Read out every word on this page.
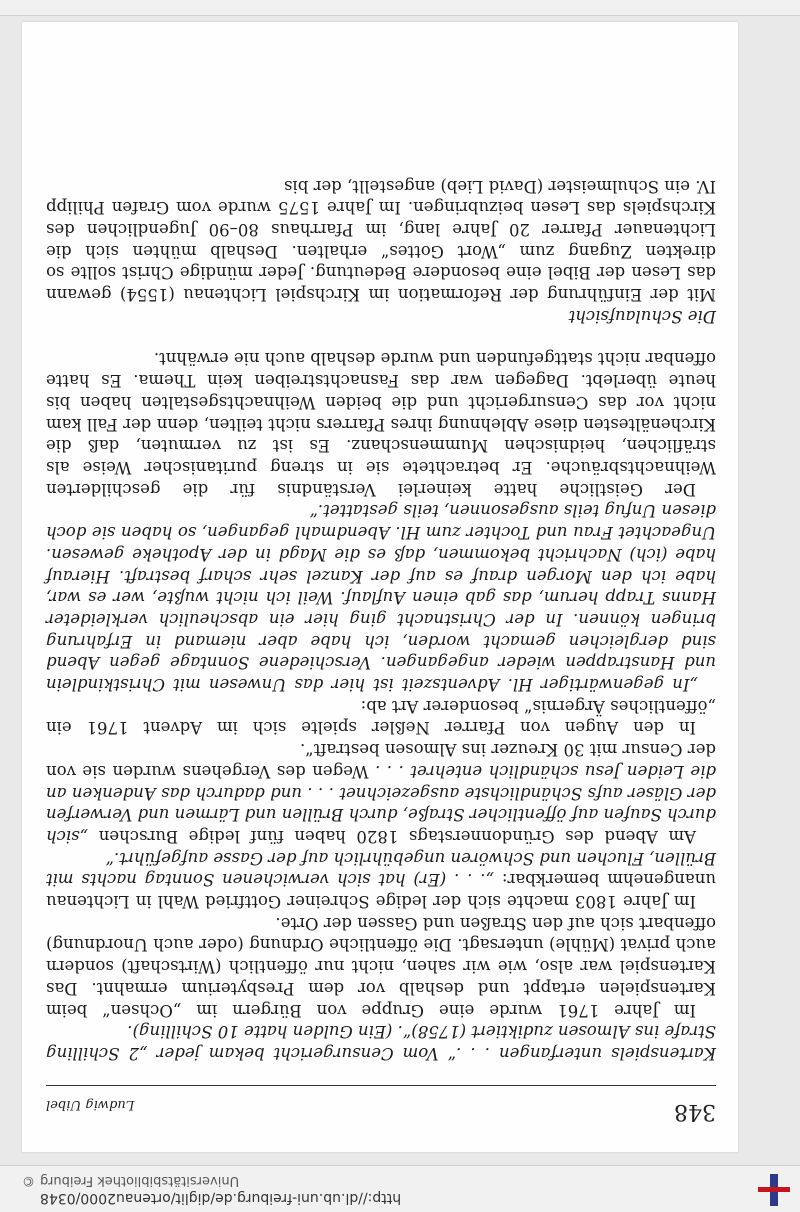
http://dl.ub.uni-freiburg.de/diglit/ortenau2000/0348
Universitätsbibliothek Freiburg
©
348
Ludwig Uibel

Kartenspiels unterfangen . . .“ Vom Censurgericht bekam jeder „2 Schilling Strafe ins Almosen zudiktiert (1758)“. (Ein Gulden hatte 10 Schilling).

Im Jahre 1761 wurde eine Gruppe von Bürgern im „Ochsen“ beim Kartenspielen ertappt und deshalb vor dem Presbyterium ermahnt. Das Kartenspiel war also, wie wir sahen, nicht nur öffentlich (Wirtschaft) sondern auch privat (Mühle) untersagt. Die öffentliche Ordnung (oder auch Unordnung) offenbart sich auf den Straßen und Gassen der Orte.

Im Jahre 1803 machte sich der ledige Schreiner Gottfried Wahl in Lichtenau unangenehm bemerkbar: „. . . (Er) hat sich verwichenen Sonntag nachts mit Brüllen, Fluchen und Schwören ungebührlich auf der Gasse aufgeführt.“

Am Abend des Gründonnerstags 1820 haben fünf ledige Burschen „sich durch Saufen auf öffentlicher Straße, durch Brüllen und Lärmen und Verwerfen der Gläser aufs Schändlichste ausgezeichnet . . . und dadurch das Andenken an die Leiden Jesu schändlich entehret . . . Wegen des Vergehens wurden sie von der Censur mit 30 Kreuzer ins Almosen bestraft“.

In den Augen von Pfarrer Neßler spielte sich im Advent 1761 ein „öffentliches Ärgernis“ besonderer Art ab:

„In gegenwärtiger Hl. Adventszeit ist hier das Unwesen mit Christkindlein und Hanstrappen wieder angegangen. Verschiedene Sonntage gegen Abend sind dergleichen gemacht worden, ich habe aber niemand in Erfahrung bringen können. In der Christnacht ging hier ein abscheulich verkleideter Hanns Trapp herum, das gab einen Auflauf. Weil ich nicht wußte, wer es war, habe ich den Morgen drauf es auf der Kanzel sehr scharf bestraft. Hierauf habe (ich) Nachricht bekommen, daß es die Magd in der Apotheke gewesen. Ungeachtet Frau und Tochter zum Hl. Abendmahl gegangen, so haben sie doch diesen Unfug teils ausgesonnen, teils gestattet.“

Der Geistliche hatte keinerlei Verständnis für die geschilderten Weihnachtsbräuche. Er betrachtete sie in streng puritanischer Weise als sträflichen, heidnischen Mummenschanz. Es ist zu vermuten, daß die Kirchenältesten diese Ablehnung ihres Pfarrers nicht teilten, denn der Fall kam nicht vor das Censurgericht und die beiden Weihnachtsgestalten haben bis heute überlebt. Dagegen war das Fasnachtstreiben kein Thema. Es hatte offenbar nicht stattgefunden und wurde deshalb auch nie erwähnt.

Die Schulaufsicht

Mit der Einführung der Reformation im Kirchspiel Lichtenau (1554) gewann das Lesen der Bibel eine besondere Bedeutung. Jeder mündige Christ sollte so direkten Zugang zum „Wort Gottes“ erhalten. Deshalb mühten sich die Lichtenauer Pfarrer 20 Jahre lang, im Pfarrhaus 80–90 Jugendlichen des Kirchspiels das Lesen beizubringen. Im Jahre 1575 wurde vom Grafen Philipp IV. ein Schulmeister (David Lieb) angestellt, der bis
